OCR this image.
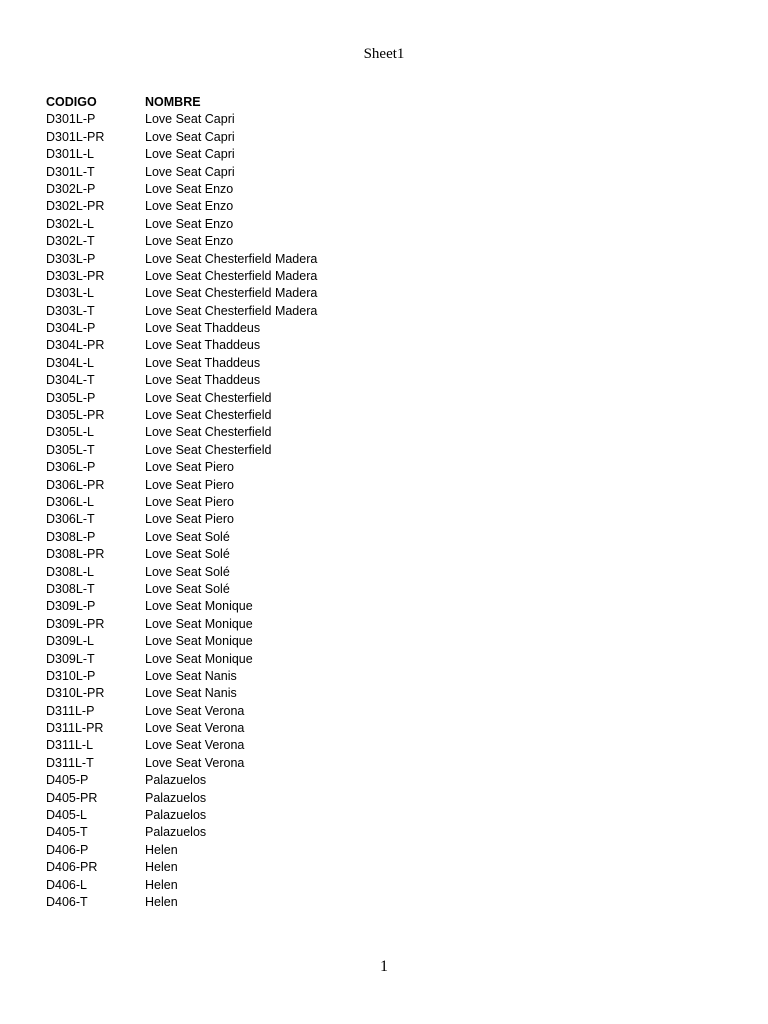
Sheet1
CODIGO	NOMBRE
D301L-P	Love Seat Capri
D301L-PR	Love Seat Capri
D301L-L	Love Seat Capri
D301L-T	Love Seat Capri
D302L-P	Love Seat Enzo
D302L-PR	Love Seat Enzo
D302L-L	Love Seat Enzo
D302L-T	Love Seat Enzo
D303L-P	Love Seat Chesterfield Madera
D303L-PR	Love Seat Chesterfield Madera
D303L-L	Love Seat Chesterfield Madera
D303L-T	Love Seat Chesterfield Madera
D304L-P	Love Seat Thaddeus
D304L-PR	Love Seat Thaddeus
D304L-L	Love Seat Thaddeus
D304L-T	Love Seat Thaddeus
D305L-P	Love Seat Chesterfield
D305L-PR	Love Seat Chesterfield
D305L-L	Love Seat Chesterfield
D305L-T	Love Seat Chesterfield
D306L-P	Love Seat Piero
D306L-PR	Love Seat Piero
D306L-L	Love Seat Piero
D306L-T	Love Seat Piero
D308L-P	Love Seat Solé
D308L-PR	Love Seat Solé
D308L-L	Love Seat Solé
D308L-T	Love Seat Solé
D309L-P	Love Seat Monique
D309L-PR	Love Seat Monique
D309L-L	Love Seat Monique
D309L-T	Love Seat Monique
D310L-P	Love Seat Nanis
D310L-PR	Love Seat Nanis
D311L-P	Love Seat Verona
D311L-PR	Love Seat Verona
D311L-L	Love Seat Verona
D311L-T	Love Seat Verona
D405-P	Palazuelos
D405-PR	Palazuelos
D405-L	Palazuelos
D405-T	Palazuelos
D406-P	Helen
D406-PR	Helen
D406-L	Helen
D406-T	Helen
1
